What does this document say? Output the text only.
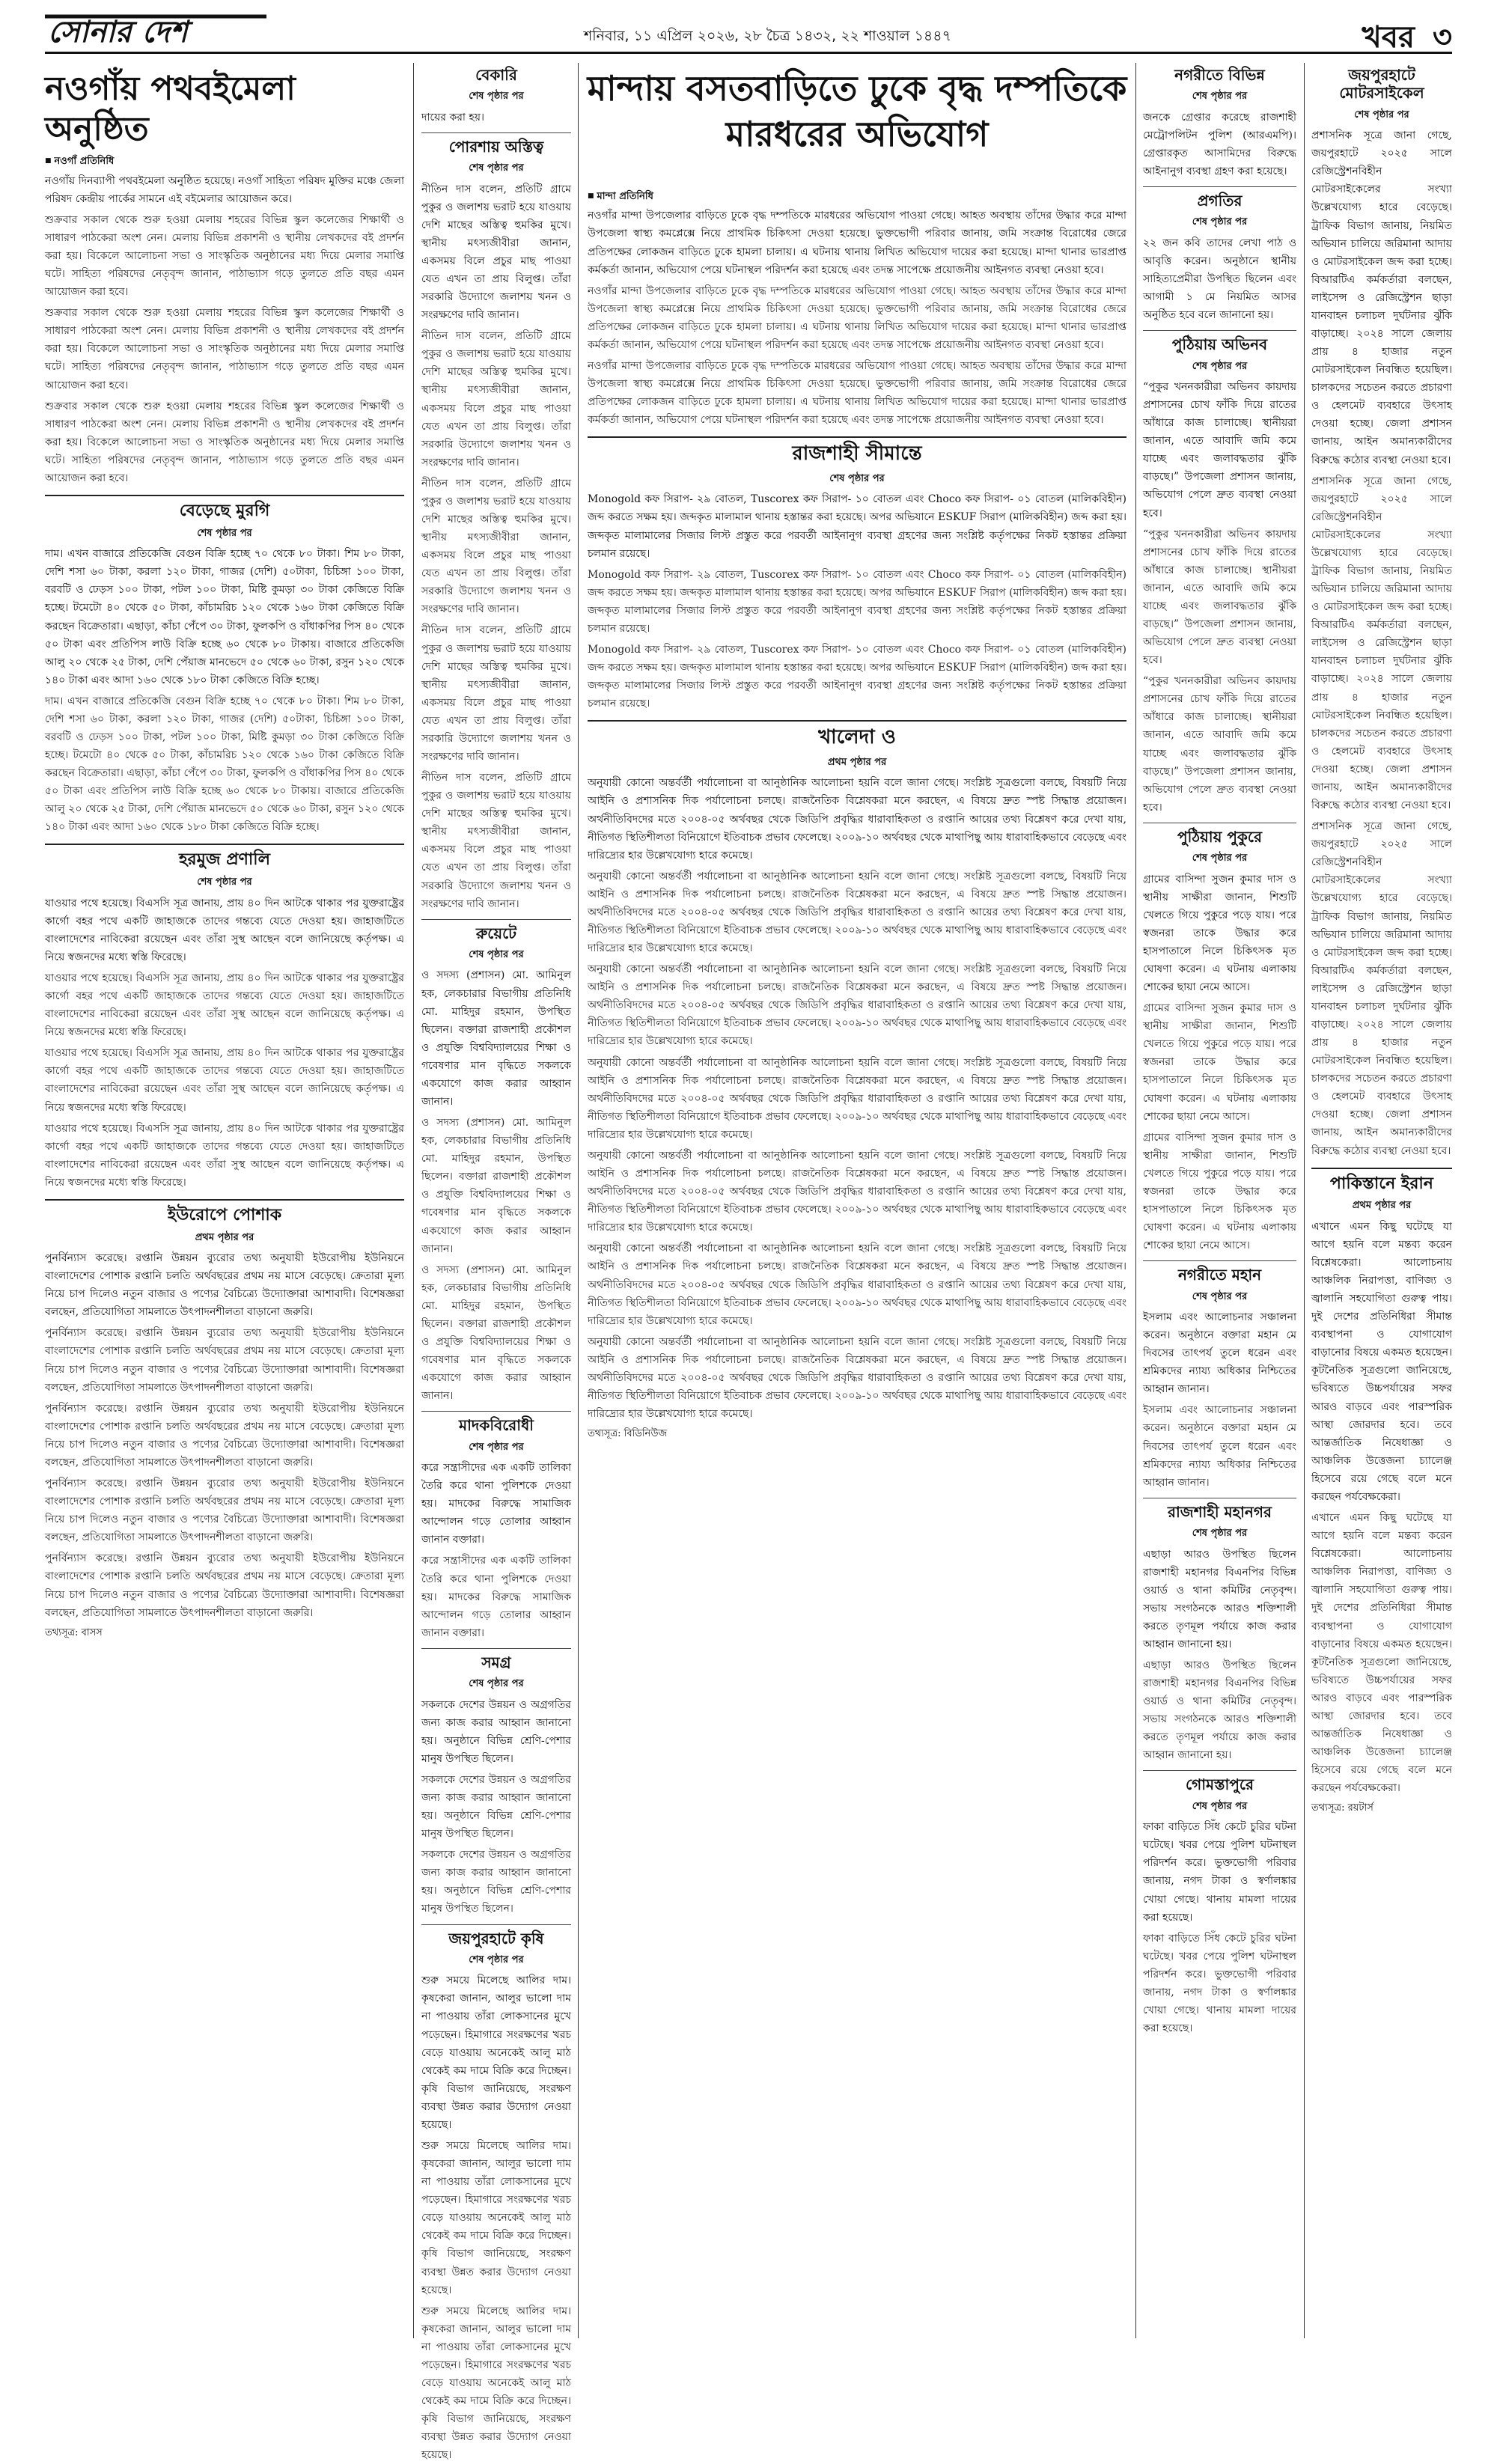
সোনার দেশ	শনিবার, ১১ এপ্রিল ২০২৬, ২৮ চৈত্র ১৪৩২, ২২ শাওয়াল ১৪৪৭	খবর ৩
নওগাঁয় পথবইমেলা অনুষ্ঠিত
■ নওগাঁ প্রতিনিধি

নওগাঁয় দিনব্যাপী পথবইমেলা অনুষ্ঠিত হয়েছে। নওগাঁ সাহিত্য পরিষদ মুক্তির মঞ্চে জেলা পরিষদ কেন্দ্রীয় পার্কের সামনে এই বইমেলার আয়োজন করে।

শুক্রবার সকাল থেকে শুরু হওয়া মেলায় শহরের বিভিন্ন স্কুল কলেজের শিক্ষার্থী ও সাধারণ পাঠকেরা অংশ নেন। মেলায় বিভিন্ন প্রকাশনী ও স্থানীয় লেখকদের বই প্রদর্শন করা হয়। বিকেলে আলোচনা সভা ও সাংস্কৃতিক অনুষ্ঠানের মধ্য দিয়ে মেলার সমাপ্তি ঘটে। সাহিত্য পরিষদের নেতৃবৃন্দ জানান, পাঠাভ্যাস গড়ে তুলতে প্রতি বছর এমন আয়োজন করা হবে।

শুক্রবার সকাল থেকে শুরু হওয়া মেলায় শহরের বিভিন্ন স্কুল কলেজের শিক্ষার্থী ও সাধারণ পাঠকেরা অংশ নেন। মেলায় বিভিন্ন প্রকাশনী ও স্থানীয় লেখকদের বই প্রদর্শন করা হয়। বিকেলে আলোচনা সভা ও সাংস্কৃতিক অনুষ্ঠানের মধ্য দিয়ে মেলার সমাপ্তি ঘটে। সাহিত্য পরিষদের নেতৃবৃন্দ জানান, পাঠাভ্যাস গড়ে তুলতে প্রতি বছর এমন আয়োজন করা হবে।

শুক্রবার সকাল থেকে শুরু হওয়া মেলায় শহরের বিভিন্ন স্কুল কলেজের শিক্ষার্থী ও সাধারণ পাঠকেরা অংশ নেন। মেলায় বিভিন্ন প্রকাশনী ও স্থানীয় লেখকদের বই প্রদর্শন করা হয়। বিকেলে আলোচনা সভা ও সাংস্কৃতিক অনুষ্ঠানের মধ্য দিয়ে মেলার সমাপ্তি ঘটে। সাহিত্য পরিষদের নেতৃবৃন্দ জানান, পাঠাভ্যাস গড়ে তুলতে প্রতি বছর এমন আয়োজন করা হবে।

বেড়েছে মুরগি
শেষ পৃষ্ঠার পর

দাম। এখন বাজারে প্রতিকেজি বেগুন বিক্রি হচ্ছে ৭০ থেকে ৮০ টাকা। শিম ৮০ টাকা, দেশি শসা ৬০ টাকা, করলা ১২০ টাকা, গাজর (দেশি) ৫০টাকা, চিচিঙ্গা ১০০ টাকা, বরবটি ও ঢেড়স ১০০ টাকা, পটল ১০০ টাকা, মিষ্টি কুমড়া ৩০ টাকা কেজিতে বিক্রি হচ্ছে। টমেটো ৪০ থেকে ৫০ টাকা, কাঁচামরিচ ১২০ থেকে ১৬০ টাকা কেজিতে বিক্রি করছেন বিক্রেতারা। এছাড়া, কাঁচা পেঁপে ৩০ টাকা, ফুলকপি ও বাঁধাকপির পিস ৪০ থেকে ৫০ টাকা এবং প্রতিপিস লাউ বিক্রি হচ্ছে ৬০ থেকে ৮০ টাকায়। বাজারে প্রতিকেজি আলু ২০ থেকে ২৫ টাকা, দেশি পেঁয়াজ মানভেদে ৫০ থেকে ৬০ টাকা, রসুন ১২০ থেকে ১৪০ টাকা এবং আদা ১৬০ থেকে ১৮০ টাকা কেজিতে বিক্রি হচ্ছে।

দাম। এখন বাজারে প্রতিকেজি বেগুন বিক্রি হচ্ছে ৭০ থেকে ৮০ টাকা। শিম ৮০ টাকা, দেশি শসা ৬০ টাকা, করলা ১২০ টাকা, গাজর (দেশি) ৫০টাকা, চিচিঙ্গা ১০০ টাকা, বরবটি ও ঢেড়স ১০০ টাকা, পটল ১০০ টাকা, মিষ্টি কুমড়া ৩০ টাকা কেজিতে বিক্রি হচ্ছে। টমেটো ৪০ থেকে ৫০ টাকা, কাঁচামরিচ ১২০ থেকে ১৬০ টাকা কেজিতে বিক্রি করছেন বিক্রেতারা। এছাড়া, কাঁচা পেঁপে ৩০ টাকা, ফুলকপি ও বাঁধাকপির পিস ৪০ থেকে ৫০ টাকা এবং প্রতিপিস লাউ বিক্রি হচ্ছে ৬০ থেকে ৮০ টাকায়। বাজারে প্রতিকেজি আলু ২০ থেকে ২৫ টাকা, দেশি পেঁয়াজ মানভেদে ৫০ থেকে ৬০ টাকা, রসুন ১২০ থেকে ১৪০ টাকা এবং আদা ১৬০ থেকে ১৮০ টাকা কেজিতে বিক্রি হচ্ছে।

হরমুজ প্রণালি
শেষ পৃষ্ঠার পর

যাওয়ার পথে হয়েছে। বিএসসি সূত্র জানায়, প্রায় ৪০ দিন আটকে থাকার পর যুক্তরাষ্ট্রের কার্গো বহর পথে একটি জাহাজকে তাদের গন্তব্যে যেতে দেওয়া হয়। জাহাজটিতে বাংলাদেশের নাবিকেরা রয়েছেন এবং তাঁরা সুস্থ আছেন বলে জানিয়েছে কর্তৃপক্ষ। এ নিয়ে স্বজনদের মধ্যে স্বস্তি ফিরেছে।

যাওয়ার পথে হয়েছে। বিএসসি সূত্র জানায়, প্রায় ৪০ দিন আটকে থাকার পর যুক্তরাষ্ট্রের কার্গো বহর পথে একটি জাহাজকে তাদের গন্তব্যে যেতে দেওয়া হয়। জাহাজটিতে বাংলাদেশের নাবিকেরা রয়েছেন এবং তাঁরা সুস্থ আছেন বলে জানিয়েছে কর্তৃপক্ষ। এ নিয়ে স্বজনদের মধ্যে স্বস্তি ফিরেছে।

যাওয়ার পথে হয়েছে। বিএসসি সূত্র জানায়, প্রায় ৪০ দিন আটকে থাকার পর যুক্তরাষ্ট্রের কার্গো বহর পথে একটি জাহাজকে তাদের গন্তব্যে যেতে দেওয়া হয়। জাহাজটিতে বাংলাদেশের নাবিকেরা রয়েছেন এবং তাঁরা সুস্থ আছেন বলে জানিয়েছে কর্তৃপক্ষ। এ নিয়ে স্বজনদের মধ্যে স্বস্তি ফিরেছে।

যাওয়ার পথে হয়েছে। বিএসসি সূত্র জানায়, প্রায় ৪০ দিন আটকে থাকার পর যুক্তরাষ্ট্রের কার্গো বহর পথে একটি জাহাজকে তাদের গন্তব্যে যেতে দেওয়া হয়। জাহাজটিতে বাংলাদেশের নাবিকেরা রয়েছেন এবং তাঁরা সুস্থ আছেন বলে জানিয়েছে কর্তৃপক্ষ। এ নিয়ে স্বজনদের মধ্যে স্বস্তি ফিরেছে।

ইউরোপে পোশাক
প্রথম পৃষ্ঠার পর

পুনর্বিন্যাস করেছে। রপ্তানি উন্নয়ন ব্যুরোর তথ্য অনুযায়ী ইউরোপীয় ইউনিয়নে বাংলাদেশের পোশাক রপ্তানি চলতি অর্থবছরের প্রথম নয় মাসে বেড়েছে। ক্রেতারা মূল্য নিয়ে চাপ দিলেও নতুন বাজার ও পণ্যের বৈচিত্র্যে উদ্যোক্তারা আশাবাদী। বিশেষজ্ঞরা বলছেন, প্রতিযোগিতা সামলাতে উৎপাদনশীলতা বাড়ানো জরুরি।

পুনর্বিন্যাস করেছে। রপ্তানি উন্নয়ন ব্যুরোর তথ্য অনুযায়ী ইউরোপীয় ইউনিয়নে বাংলাদেশের পোশাক রপ্তানি চলতি অর্থবছরের প্রথম নয় মাসে বেড়েছে। ক্রেতারা মূল্য নিয়ে চাপ দিলেও নতুন বাজার ও পণ্যের বৈচিত্র্যে উদ্যোক্তারা আশাবাদী। বিশেষজ্ঞরা বলছেন, প্রতিযোগিতা সামলাতে উৎপাদনশীলতা বাড়ানো জরুরি।

পুনর্বিন্যাস করেছে। রপ্তানি উন্নয়ন ব্যুরোর তথ্য অনুযায়ী ইউরোপীয় ইউনিয়নে বাংলাদেশের পোশাক রপ্তানি চলতি অর্থবছরের প্রথম নয় মাসে বেড়েছে। ক্রেতারা মূল্য নিয়ে চাপ দিলেও নতুন বাজার ও পণ্যের বৈচিত্র্যে উদ্যোক্তারা আশাবাদী। বিশেষজ্ঞরা বলছেন, প্রতিযোগিতা সামলাতে উৎপাদনশীলতা বাড়ানো জরুরি।

পুনর্বিন্যাস করেছে। রপ্তানি উন্নয়ন ব্যুরোর তথ্য অনুযায়ী ইউরোপীয় ইউনিয়নে বাংলাদেশের পোশাক রপ্তানি চলতি অর্থবছরের প্রথম নয় মাসে বেড়েছে। ক্রেতারা মূল্য নিয়ে চাপ দিলেও নতুন বাজার ও পণ্যের বৈচিত্র্যে উদ্যোক্তারা আশাবাদী। বিশেষজ্ঞরা বলছেন, প্রতিযোগিতা সামলাতে উৎপাদনশীলতা বাড়ানো জরুরি।

পুনর্বিন্যাস করেছে। রপ্তানি উন্নয়ন ব্যুরোর তথ্য অনুযায়ী ইউরোপীয় ইউনিয়নে বাংলাদেশের পোশাক রপ্তানি চলতি অর্থবছরের প্রথম নয় মাসে বেড়েছে। ক্রেতারা মূল্য নিয়ে চাপ দিলেও নতুন বাজার ও পণ্যের বৈচিত্র্যে উদ্যোক্তারা আশাবাদী। বিশেষজ্ঞরা বলছেন, প্রতিযোগিতা সামলাতে উৎপাদনশীলতা বাড়ানো জরুরি।

তথ্যসূত্র: বাসস
বেকারি
শেষ পৃষ্ঠার পর

দায়ের করা হয়।

পোরশায় অস্তিত্ব
শেষ পৃষ্ঠার পর

নীতিন দাস বলেন, প্রতিটি গ্রামে পুকুর ও জলাশয় ভরাট হয়ে যাওয়ায় দেশি মাছের অস্তিত্ব হুমকির মুখে। স্থানীয় মৎস্যজীবীরা জানান, একসময় বিলে প্রচুর মাছ পাওয়া যেত এখন তা প্রায় বিলুপ্ত। তাঁরা সরকারি উদ্যোগে জলাশয় খনন ও সংরক্ষণের দাবি জানান।

নীতিন দাস বলেন, প্রতিটি গ্রামে পুকুর ও জলাশয় ভরাট হয়ে যাওয়ায় দেশি মাছের অস্তিত্ব হুমকির মুখে। স্থানীয় মৎস্যজীবীরা জানান, একসময় বিলে প্রচুর মাছ পাওয়া যেত এখন তা প্রায় বিলুপ্ত। তাঁরা সরকারি উদ্যোগে জলাশয় খনন ও সংরক্ষণের দাবি জানান।

নীতিন দাস বলেন, প্রতিটি গ্রামে পুকুর ও জলাশয় ভরাট হয়ে যাওয়ায় দেশি মাছের অস্তিত্ব হুমকির মুখে। স্থানীয় মৎস্যজীবীরা জানান, একসময় বিলে প্রচুর মাছ পাওয়া যেত এখন তা প্রায় বিলুপ্ত। তাঁরা সরকারি উদ্যোগে জলাশয় খনন ও সংরক্ষণের দাবি জানান।

নীতিন দাস বলেন, প্রতিটি গ্রামে পুকুর ও জলাশয় ভরাট হয়ে যাওয়ায় দেশি মাছের অস্তিত্ব হুমকির মুখে। স্থানীয় মৎস্যজীবীরা জানান, একসময় বিলে প্রচুর মাছ পাওয়া যেত এখন তা প্রায় বিলুপ্ত। তাঁরা সরকারি উদ্যোগে জলাশয় খনন ও সংরক্ষণের দাবি জানান।

নীতিন দাস বলেন, প্রতিটি গ্রামে পুকুর ও জলাশয় ভরাট হয়ে যাওয়ায় দেশি মাছের অস্তিত্ব হুমকির মুখে। স্থানীয় মৎস্যজীবীরা জানান, একসময় বিলে প্রচুর মাছ পাওয়া যেত এখন তা প্রায় বিলুপ্ত। তাঁরা সরকারি উদ্যোগে জলাশয় খনন ও সংরক্ষণের দাবি জানান।

রুয়েটে
শেষ পৃষ্ঠার পর

ও সদস্য (প্রশাসন) মো. আমিনুল হক, লেকচারার বিভাগীয় প্রতিনিধি মো. মাহিদুর রহমান, উপস্থিত ছিলেন। বক্তারা রাজশাহী প্রকৌশল ও প্রযুক্তি বিশ্ববিদ্যালয়ের শিক্ষা ও গবেষণার মান বৃদ্ধিতে সকলকে একযোগে কাজ করার আহ্বান জানান।

ও সদস্য (প্রশাসন) মো. আমিনুল হক, লেকচারার বিভাগীয় প্রতিনিধি মো. মাহিদুর রহমান, উপস্থিত ছিলেন। বক্তারা রাজশাহী প্রকৌশল ও প্রযুক্তি বিশ্ববিদ্যালয়ের শিক্ষা ও গবেষণার মান বৃদ্ধিতে সকলকে একযোগে কাজ করার আহ্বান জানান।

ও সদস্য (প্রশাসন) মো. আমিনুল হক, লেকচারার বিভাগীয় প্রতিনিধি মো. মাহিদুর রহমান, উপস্থিত ছিলেন। বক্তারা রাজশাহী প্রকৌশল ও প্রযুক্তি বিশ্ববিদ্যালয়ের শিক্ষা ও গবেষণার মান বৃদ্ধিতে সকলকে একযোগে কাজ করার আহ্বান জানান।

মাদকবিরোধী
শেষ পৃষ্ঠার পর

করে সন্ত্রাসীদের এক একটি তালিকা তৈরি করে থানা পুলিশকে দেওয়া হয়। মাদকের বিরুদ্ধে সামাজিক আন্দোলন গড়ে তোলার আহ্বান জানান বক্তারা।

করে সন্ত্রাসীদের এক একটি তালিকা তৈরি করে থানা পুলিশকে দেওয়া হয়। মাদকের বিরুদ্ধে সামাজিক আন্দোলন গড়ে তোলার আহ্বান জানান বক্তারা।

সমগ্র
শেষ পৃষ্ঠার পর

সকলকে দেশের উন্নয়ন ও অগ্রগতির জন্য কাজ করার আহ্বান জানানো হয়। অনুষ্ঠানে বিভিন্ন শ্রেণি-পেশার মানুষ উপস্থিত ছিলেন।

সকলকে দেশের উন্নয়ন ও অগ্রগতির জন্য কাজ করার আহ্বান জানানো হয়। অনুষ্ঠানে বিভিন্ন শ্রেণি-পেশার মানুষ উপস্থিত ছিলেন।

সকলকে দেশের উন্নয়ন ও অগ্রগতির জন্য কাজ করার আহ্বান জানানো হয়। অনুষ্ঠানে বিভিন্ন শ্রেণি-পেশার মানুষ উপস্থিত ছিলেন।

জয়পুরহাটে কৃষি
শেষ পৃষ্ঠার পর

শুরু সময়ে মিলেছে আলির দাম। কৃষকেরা জানান, আলুর ভালো দাম না পাওয়ায় তাঁরা লোকসানের মুখে পড়েছেন। হিমাগারে সংরক্ষণের খরচ বেড়ে যাওয়ায় অনেকেই আলু মাঠ থেকেই কম দামে বিক্রি করে দিচ্ছেন। কৃষি বিভাগ জানিয়েছে, সংরক্ষণ ব্যবস্থা উন্নত করার উদ্যোগ নেওয়া হয়েছে।

শুরু সময়ে মিলেছে আলির দাম। কৃষকেরা জানান, আলুর ভালো দাম না পাওয়ায় তাঁরা লোকসানের মুখে পড়েছেন। হিমাগারে সংরক্ষণের খরচ বেড়ে যাওয়ায় অনেকেই আলু মাঠ থেকেই কম দামে বিক্রি করে দিচ্ছেন। কৃষি বিভাগ জানিয়েছে, সংরক্ষণ ব্যবস্থা উন্নত করার উদ্যোগ নেওয়া হয়েছে।

শুরু সময়ে মিলেছে আলির দাম। কৃষকেরা জানান, আলুর ভালো দাম না পাওয়ায় তাঁরা লোকসানের মুখে পড়েছেন। হিমাগারে সংরক্ষণের খরচ বেড়ে যাওয়ায় অনেকেই আলু মাঠ থেকেই কম দামে বিক্রি করে দিচ্ছেন। কৃষি বিভাগ জানিয়েছে, সংরক্ষণ ব্যবস্থা উন্নত করার উদ্যোগ নেওয়া হয়েছে।

মান্দায় বসতবাড়িতে ঢুকে বৃদ্ধ দম্পতিকে মারধরের অভিযোগ
■ মান্দা প্রতিনিধি

নওগাঁর মান্দা উপজেলার বাড়িতে ঢুকে বৃদ্ধ দম্পতিকে মারধরের অভিযোগ পাওয়া গেছে। আহত অবস্থায় তাঁদের উদ্ধার করে মান্দা উপজেলা স্বাস্থ্য কমপ্লেক্সে নিয়ে প্রাথমিক চিকিৎসা দেওয়া হয়েছে। ভুক্তভোগী পরিবার জানায়, জমি সংক্রান্ত বিরোধের জেরে প্রতিপক্ষের লোকজন বাড়িতে ঢুকে হামলা চালায়। এ ঘটনায় থানায় লিখিত অভিযোগ দায়ের করা হয়েছে। মান্দা থানার ভারপ্রাপ্ত কর্মকর্তা জানান, অভিযোগ পেয়ে ঘটনাস্থল পরিদর্শন করা হয়েছে এবং তদন্ত সাপেক্ষে প্রয়োজনীয় আইনগত ব্যবস্থা নেওয়া হবে।

নওগাঁর মান্দা উপজেলার বাড়িতে ঢুকে বৃদ্ধ দম্পতিকে মারধরের অভিযোগ পাওয়া গেছে। আহত অবস্থায় তাঁদের উদ্ধার করে মান্দা উপজেলা স্বাস্থ্য কমপ্লেক্সে নিয়ে প্রাথমিক চিকিৎসা দেওয়া হয়েছে। ভুক্তভোগী পরিবার জানায়, জমি সংক্রান্ত বিরোধের জেরে প্রতিপক্ষের লোকজন বাড়িতে ঢুকে হামলা চালায়। এ ঘটনায় থানায় লিখিত অভিযোগ দায়ের করা হয়েছে। মান্দা থানার ভারপ্রাপ্ত কর্মকর্তা জানান, অভিযোগ পেয়ে ঘটনাস্থল পরিদর্শন করা হয়েছে এবং তদন্ত সাপেক্ষে প্রয়োজনীয় আইনগত ব্যবস্থা নেওয়া হবে।

নওগাঁর মান্দা উপজেলার বাড়িতে ঢুকে বৃদ্ধ দম্পতিকে মারধরের অভিযোগ পাওয়া গেছে। আহত অবস্থায় তাঁদের উদ্ধার করে মান্দা উপজেলা স্বাস্থ্য কমপ্লেক্সে নিয়ে প্রাথমিক চিকিৎসা দেওয়া হয়েছে। ভুক্তভোগী পরিবার জানায়, জমি সংক্রান্ত বিরোধের জেরে প্রতিপক্ষের লোকজন বাড়িতে ঢুকে হামলা চালায়। এ ঘটনায় থানায় লিখিত অভিযোগ দায়ের করা হয়েছে। মান্দা থানার ভারপ্রাপ্ত কর্মকর্তা জানান, অভিযোগ পেয়ে ঘটনাস্থল পরিদর্শন করা হয়েছে এবং তদন্ত সাপেক্ষে প্রয়োজনীয় আইনগত ব্যবস্থা নেওয়া হবে।

রাজশাহী সীমান্তে
শেষ পৃষ্ঠার পর

Monogold কফ সিরাপ- ২৯ বোতল, Tuscorex কফ সিরাপ- ১০ বোতল এবং Choco কফ সিরাপ- ০১ বোতল (মালিকবিহীন) জব্দ করতে সক্ষম হয়। জব্দকৃত মালামাল থানায় হস্তান্তর করা হয়েছে। অপর অভিযানে ESKUF সিরাপ (মালিকবিহীন) জব্দ করা হয়। জব্দকৃত মালামালের সিজার লিস্ট প্রস্তুত করে পরবর্তী আইনানুগ ব্যবস্থা গ্রহণের জন্য সংশ্লিষ্ট কর্তৃপক্ষের নিকট হস্তান্তর প্রক্রিয়া চলমান রয়েছে।

Monogold কফ সিরাপ- ২৯ বোতল, Tuscorex কফ সিরাপ- ১০ বোতল এবং Choco কফ সিরাপ- ০১ বোতল (মালিকবিহীন) জব্দ করতে সক্ষম হয়। জব্দকৃত মালামাল থানায় হস্তান্তর করা হয়েছে। অপর অভিযানে ESKUF সিরাপ (মালিকবিহীন) জব্দ করা হয়। জব্দকৃত মালামালের সিজার লিস্ট প্রস্তুত করে পরবর্তী আইনানুগ ব্যবস্থা গ্রহণের জন্য সংশ্লিষ্ট কর্তৃপক্ষের নিকট হস্তান্তর প্রক্রিয়া চলমান রয়েছে।

Monogold কফ সিরাপ- ২৯ বোতল, Tuscorex কফ সিরাপ- ১০ বোতল এবং Choco কফ সিরাপ- ০১ বোতল (মালিকবিহীন) জব্দ করতে সক্ষম হয়। জব্দকৃত মালামাল থানায় হস্তান্তর করা হয়েছে। অপর অভিযানে ESKUF সিরাপ (মালিকবিহীন) জব্দ করা হয়। জব্দকৃত মালামালের সিজার লিস্ট প্রস্তুত করে পরবর্তী আইনানুগ ব্যবস্থা গ্রহণের জন্য সংশ্লিষ্ট কর্তৃপক্ষের নিকট হস্তান্তর প্রক্রিয়া চলমান রয়েছে।

খালেদা ও
প্রথম পৃষ্ঠার পর

অনুযায়ী কোনো অন্তর্বর্তী পর্যালোচনা বা আনুষ্ঠানিক আলোচনা হয়নি বলে জানা গেছে। সংশ্লিষ্ট সূত্রগুলো বলছে, বিষয়টি নিয়ে আইনি ও প্রশাসনিক দিক পর্যালোচনা চলছে। রাজনৈতিক বিশ্লেষকরা মনে করছেন, এ বিষয়ে দ্রুত স্পষ্ট সিদ্ধান্ত প্রয়োজন। অর্থনীতিবিদদের মতে ২০০৪-০৫ অর্থবছর থেকে জিডিপি প্রবৃদ্ধির ধারাবাহিকতা ও রপ্তানি আয়ের তথ্য বিশ্লেষণ করে দেখা যায়, নীতিগত স্থিতিশীলতা বিনিয়োগে ইতিবাচক প্রভাব ফেলেছে। ২০০৯-১০ অর্থবছর থেকে মাথাপিছু আয় ধারাবাহিকভাবে বেড়েছে এবং দারিদ্র্যের হার উল্লেখযোগ্য হারে কমেছে।

অনুযায়ী কোনো অন্তর্বর্তী পর্যালোচনা বা আনুষ্ঠানিক আলোচনা হয়নি বলে জানা গেছে। সংশ্লিষ্ট সূত্রগুলো বলছে, বিষয়টি নিয়ে আইনি ও প্রশাসনিক দিক পর্যালোচনা চলছে। রাজনৈতিক বিশ্লেষকরা মনে করছেন, এ বিষয়ে দ্রুত স্পষ্ট সিদ্ধান্ত প্রয়োজন। অর্থনীতিবিদদের মতে ২০০৪-০৫ অর্থবছর থেকে জিডিপি প্রবৃদ্ধির ধারাবাহিকতা ও রপ্তানি আয়ের তথ্য বিশ্লেষণ করে দেখা যায়, নীতিগত স্থিতিশীলতা বিনিয়োগে ইতিবাচক প্রভাব ফেলেছে। ২০০৯-১০ অর্থবছর থেকে মাথাপিছু আয় ধারাবাহিকভাবে বেড়েছে এবং দারিদ্র্যের হার উল্লেখযোগ্য হারে কমেছে।

অনুযায়ী কোনো অন্তর্বর্তী পর্যালোচনা বা আনুষ্ঠানিক আলোচনা হয়নি বলে জানা গেছে। সংশ্লিষ্ট সূত্রগুলো বলছে, বিষয়টি নিয়ে আইনি ও প্রশাসনিক দিক পর্যালোচনা চলছে। রাজনৈতিক বিশ্লেষকরা মনে করছেন, এ বিষয়ে দ্রুত স্পষ্ট সিদ্ধান্ত প্রয়োজন। অর্থনীতিবিদদের মতে ২০০৪-০৫ অর্থবছর থেকে জিডিপি প্রবৃদ্ধির ধারাবাহিকতা ও রপ্তানি আয়ের তথ্য বিশ্লেষণ করে দেখা যায়, নীতিগত স্থিতিশীলতা বিনিয়োগে ইতিবাচক প্রভাব ফেলেছে। ২০০৯-১০ অর্থবছর থেকে মাথাপিছু আয় ধারাবাহিকভাবে বেড়েছে এবং দারিদ্র্যের হার উল্লেখযোগ্য হারে কমেছে।

অনুযায়ী কোনো অন্তর্বর্তী পর্যালোচনা বা আনুষ্ঠানিক আলোচনা হয়নি বলে জানা গেছে। সংশ্লিষ্ট সূত্রগুলো বলছে, বিষয়টি নিয়ে আইনি ও প্রশাসনিক দিক পর্যালোচনা চলছে। রাজনৈতিক বিশ্লেষকরা মনে করছেন, এ বিষয়ে দ্রুত স্পষ্ট সিদ্ধান্ত প্রয়োজন। অর্থনীতিবিদদের মতে ২০০৪-০৫ অর্থবছর থেকে জিডিপি প্রবৃদ্ধির ধারাবাহিকতা ও রপ্তানি আয়ের তথ্য বিশ্লেষণ করে দেখা যায়, নীতিগত স্থিতিশীলতা বিনিয়োগে ইতিবাচক প্রভাব ফেলেছে। ২০০৯-১০ অর্থবছর থেকে মাথাপিছু আয় ধারাবাহিকভাবে বেড়েছে এবং দারিদ্র্যের হার উল্লেখযোগ্য হারে কমেছে।

অনুযায়ী কোনো অন্তর্বর্তী পর্যালোচনা বা আনুষ্ঠানিক আলোচনা হয়নি বলে জানা গেছে। সংশ্লিষ্ট সূত্রগুলো বলছে, বিষয়টি নিয়ে আইনি ও প্রশাসনিক দিক পর্যালোচনা চলছে। রাজনৈতিক বিশ্লেষকরা মনে করছেন, এ বিষয়ে দ্রুত স্পষ্ট সিদ্ধান্ত প্রয়োজন। অর্থনীতিবিদদের মতে ২০০৪-০৫ অর্থবছর থেকে জিডিপি প্রবৃদ্ধির ধারাবাহিকতা ও রপ্তানি আয়ের তথ্য বিশ্লেষণ করে দেখা যায়, নীতিগত স্থিতিশীলতা বিনিয়োগে ইতিবাচক প্রভাব ফেলেছে। ২০০৯-১০ অর্থবছর থেকে মাথাপিছু আয় ধারাবাহিকভাবে বেড়েছে এবং দারিদ্র্যের হার উল্লেখযোগ্য হারে কমেছে।

অনুযায়ী কোনো অন্তর্বর্তী পর্যালোচনা বা আনুষ্ঠানিক আলোচনা হয়নি বলে জানা গেছে। সংশ্লিষ্ট সূত্রগুলো বলছে, বিষয়টি নিয়ে আইনি ও প্রশাসনিক দিক পর্যালোচনা চলছে। রাজনৈতিক বিশ্লেষকরা মনে করছেন, এ বিষয়ে দ্রুত স্পষ্ট সিদ্ধান্ত প্রয়োজন। অর্থনীতিবিদদের মতে ২০০৪-০৫ অর্থবছর থেকে জিডিপি প্রবৃদ্ধির ধারাবাহিকতা ও রপ্তানি আয়ের তথ্য বিশ্লেষণ করে দেখা যায়, নীতিগত স্থিতিশীলতা বিনিয়োগে ইতিবাচক প্রভাব ফেলেছে। ২০০৯-১০ অর্থবছর থেকে মাথাপিছু আয় ধারাবাহিকভাবে বেড়েছে এবং দারিদ্র্যের হার উল্লেখযোগ্য হারে কমেছে।

অনুযায়ী কোনো অন্তর্বর্তী পর্যালোচনা বা আনুষ্ঠানিক আলোচনা হয়নি বলে জানা গেছে। সংশ্লিষ্ট সূত্রগুলো বলছে, বিষয়টি নিয়ে আইনি ও প্রশাসনিক দিক পর্যালোচনা চলছে। রাজনৈতিক বিশ্লেষকরা মনে করছেন, এ বিষয়ে দ্রুত স্পষ্ট সিদ্ধান্ত প্রয়োজন। অর্থনীতিবিদদের মতে ২০০৪-০৫ অর্থবছর থেকে জিডিপি প্রবৃদ্ধির ধারাবাহিকতা ও রপ্তানি আয়ের তথ্য বিশ্লেষণ করে দেখা যায়, নীতিগত স্থিতিশীলতা বিনিয়োগে ইতিবাচক প্রভাব ফেলেছে। ২০০৯-১০ অর্থবছর থেকে মাথাপিছু আয় ধারাবাহিকভাবে বেড়েছে এবং দারিদ্র্যের হার উল্লেখযোগ্য হারে কমেছে।

তথ্যসূত্র: বিডিনিউজ
নগরীতে বিভিন্ন
শেষ পৃষ্ঠার পর

জনকে গ্রেপ্তার করেছে রাজশাহী মেট্রোপলিটন পুলিশ (আরএমপি)। গ্রেপ্তারকৃত আসামিদের বিরুদ্ধে আইনানুগ ব্যবস্থা গ্রহণ করা হয়েছে।

প্রগতির
শেষ পৃষ্ঠার পর

২২ জন কবি তাদের লেখা পাঠ ও আবৃত্তি করেন। অনুষ্ঠানে স্থানীয় সাহিত্যপ্রেমীরা উপস্থিত ছিলেন এবং আগামী ১ মে নিয়মিত আসর অনুষ্ঠিত হবে বলে জানানো হয়।

পুঠিয়ায় অভিনব
শেষ পৃষ্ঠার পর

“পুকুর খননকারীরা অভিনব কায়দায় প্রশাসনের চোখ ফাঁকি দিয়ে রাতের আঁধারে কাজ চালাচ্ছে। স্থানীয়রা জানান, এতে আবাদি জমি কমে যাচ্ছে এবং জলাবদ্ধতার ঝুঁকি বাড়ছে।” উপজেলা প্রশাসন জানায়, অভিযোগ পেলে দ্রুত ব্যবস্থা নেওয়া হবে।

“পুকুর খননকারীরা অভিনব কায়দায় প্রশাসনের চোখ ফাঁকি দিয়ে রাতের আঁধারে কাজ চালাচ্ছে। স্থানীয়রা জানান, এতে আবাদি জমি কমে যাচ্ছে এবং জলাবদ্ধতার ঝুঁকি বাড়ছে।” উপজেলা প্রশাসন জানায়, অভিযোগ পেলে দ্রুত ব্যবস্থা নেওয়া হবে।

“পুকুর খননকারীরা অভিনব কায়দায় প্রশাসনের চোখ ফাঁকি দিয়ে রাতের আঁধারে কাজ চালাচ্ছে। স্থানীয়রা জানান, এতে আবাদি জমি কমে যাচ্ছে এবং জলাবদ্ধতার ঝুঁকি বাড়ছে।” উপজেলা প্রশাসন জানায়, অভিযোগ পেলে দ্রুত ব্যবস্থা নেওয়া হবে।

পুঠিয়ায় পুকুরে
শেষ পৃষ্ঠার পর

গ্রামের বাসিন্দা সুজন কুমার দাস ও স্থানীয় সাক্ষীরা জানান, শিশুটি খেলতে গিয়ে পুকুরে পড়ে যায়। পরে স্বজনরা তাকে উদ্ধার করে হাসপাতালে নিলে চিকিৎসক মৃত ঘোষণা করেন। এ ঘটনায় এলাকায় শোকের ছায়া নেমে আসে।

গ্রামের বাসিন্দা সুজন কুমার দাস ও স্থানীয় সাক্ষীরা জানান, শিশুটি খেলতে গিয়ে পুকুরে পড়ে যায়। পরে স্বজনরা তাকে উদ্ধার করে হাসপাতালে নিলে চিকিৎসক মৃত ঘোষণা করেন। এ ঘটনায় এলাকায় শোকের ছায়া নেমে আসে।

গ্রামের বাসিন্দা সুজন কুমার দাস ও স্থানীয় সাক্ষীরা জানান, শিশুটি খেলতে গিয়ে পুকুরে পড়ে যায়। পরে স্বজনরা তাকে উদ্ধার করে হাসপাতালে নিলে চিকিৎসক মৃত ঘোষণা করেন। এ ঘটনায় এলাকায় শোকের ছায়া নেমে আসে।

নগরীতে মহান
শেষ পৃষ্ঠার পর

ইসলাম এবং আলোচনার সঞ্চালনা করেন। অনুষ্ঠানে বক্তারা মহান মে দিবসের তাৎপর্য তুলে ধরেন এবং শ্রমিকদের ন্যায্য অধিকার নিশ্চিতের আহ্বান জানান।

ইসলাম এবং আলোচনার সঞ্চালনা করেন। অনুষ্ঠানে বক্তারা মহান মে দিবসের তাৎপর্য তুলে ধরেন এবং শ্রমিকদের ন্যায্য অধিকার নিশ্চিতের আহ্বান জানান।

রাজশাহী মহানগর
শেষ পৃষ্ঠার পর

এছাড়া আরও উপস্থিত ছিলেন রাজশাহী মহানগর বিএনপির বিভিন্ন ওয়ার্ড ও থানা কমিটির নেতৃবৃন্দ। সভায় সংগঠনকে আরও শক্তিশালী করতে তৃণমূল পর্যায়ে কাজ করার আহ্বান জানানো হয়।

এছাড়া আরও উপস্থিত ছিলেন রাজশাহী মহানগর বিএনপির বিভিন্ন ওয়ার্ড ও থানা কমিটির নেতৃবৃন্দ। সভায় সংগঠনকে আরও শক্তিশালী করতে তৃণমূল পর্যায়ে কাজ করার আহ্বান জানানো হয়।

গোমস্তাপুরে
শেষ পৃষ্ঠার পর

ফাকা বাড়িতে সিঁধ কেটে চুরির ঘটনা ঘটেছে। খবর পেয়ে পুলিশ ঘটনাস্থল পরিদর্শন করে। ভুক্তভোগী পরিবার জানায়, নগদ টাকা ও স্বর্ণালঙ্কার খোয়া গেছে। থানায় মামলা দায়ের করা হয়েছে।

ফাকা বাড়িতে সিঁধ কেটে চুরির ঘটনা ঘটেছে। খবর পেয়ে পুলিশ ঘটনাস্থল পরিদর্শন করে। ভুক্তভোগী পরিবার জানায়, নগদ টাকা ও স্বর্ণালঙ্কার খোয়া গেছে। থানায় মামলা দায়ের করা হয়েছে।

জয়পুরহাটে মোটরসাইকেল
শেষ পৃষ্ঠার পর

প্রশাসনিক সূত্রে জানা গেছে, জয়পুরহাটে ২০২৫ সালে রেজিস্ট্রেশনবিহীন মোটরসাইকেলের সংখ্যা উল্লেখযোগ্য হারে বেড়েছে। ট্রাফিক বিভাগ জানায়, নিয়মিত অভিযান চালিয়ে জরিমানা আদায় ও মোটরসাইকেল জব্দ করা হচ্ছে। বিআরটিএ কর্মকর্তারা বলছেন, লাইসেন্স ও রেজিস্ট্রেশন ছাড়া যানবাহন চলাচল দুর্ঘটনার ঝুঁকি বাড়াচ্ছে। ২০২৪ সালে জেলায় প্রায় ৪ হাজার নতুন মোটরসাইকেল নিবন্ধিত হয়েছিল। চালকদের সচেতন করতে প্রচারণা ও হেলমেট ব্যবহারে উৎসাহ দেওয়া হচ্ছে। জেলা প্রশাসন জানায়, আইন অমান্যকারীদের বিরুদ্ধে কঠোর ব্যবস্থা নেওয়া হবে।

প্রশাসনিক সূত্রে জানা গেছে, জয়পুরহাটে ২০২৫ সালে রেজিস্ট্রেশনবিহীন মোটরসাইকেলের সংখ্যা উল্লেখযোগ্য হারে বেড়েছে। ট্রাফিক বিভাগ জানায়, নিয়মিত অভিযান চালিয়ে জরিমানা আদায় ও মোটরসাইকেল জব্দ করা হচ্ছে। বিআরটিএ কর্মকর্তারা বলছেন, লাইসেন্স ও রেজিস্ট্রেশন ছাড়া যানবাহন চলাচল দুর্ঘটনার ঝুঁকি বাড়াচ্ছে। ২০২৪ সালে জেলায় প্রায় ৪ হাজার নতুন মোটরসাইকেল নিবন্ধিত হয়েছিল। চালকদের সচেতন করতে প্রচারণা ও হেলমেট ব্যবহারে উৎসাহ দেওয়া হচ্ছে। জেলা প্রশাসন জানায়, আইন অমান্যকারীদের বিরুদ্ধে কঠোর ব্যবস্থা নেওয়া হবে।

প্রশাসনিক সূত্রে জানা গেছে, জয়পুরহাটে ২০২৫ সালে রেজিস্ট্রেশনবিহীন মোটরসাইকেলের সংখ্যা উল্লেখযোগ্য হারে বেড়েছে। ট্রাফিক বিভাগ জানায়, নিয়মিত অভিযান চালিয়ে জরিমানা আদায় ও মোটরসাইকেল জব্দ করা হচ্ছে। বিআরটিএ কর্মকর্তারা বলছেন, লাইসেন্স ও রেজিস্ট্রেশন ছাড়া যানবাহন চলাচল দুর্ঘটনার ঝুঁকি বাড়াচ্ছে। ২০২৪ সালে জেলায় প্রায় ৪ হাজার নতুন মোটরসাইকেল নিবন্ধিত হয়েছিল। চালকদের সচেতন করতে প্রচারণা ও হেলমেট ব্যবহারে উৎসাহ দেওয়া হচ্ছে। জেলা প্রশাসন জানায়, আইন অমান্যকারীদের বিরুদ্ধে কঠোর ব্যবস্থা নেওয়া হবে।

পাকিস্তানে ইরান
প্রথম পৃষ্ঠার পর

এখানে এমন কিছু ঘটেছে যা আগে হয়নি বলে মন্তব্য করেন বিশ্লেষকেরা। আলোচনায় আঞ্চলিক নিরাপত্তা, বাণিজ্য ও জ্বালানি সহযোগিতা গুরুত্ব পায়। দুই দেশের প্রতিনিধিরা সীমান্ত ব্যবস্থাপনা ও যোগাযোগ বাড়ানোর বিষয়ে একমত হয়েছেন। কূটনৈতিক সূত্রগুলো জানিয়েছে, ভবিষ্যতে উচ্চপর্যায়ের সফর আরও বাড়বে এবং পারস্পরিক আস্থা জোরদার হবে। তবে আন্তর্জাতিক নিষেধাজ্ঞা ও আঞ্চলিক উত্তেজনা চ্যালেঞ্জ হিসেবে রয়ে গেছে বলে মনে করছেন পর্যবেক্ষকেরা।

এখানে এমন কিছু ঘটেছে যা আগে হয়নি বলে মন্তব্য করেন বিশ্লেষকেরা। আলোচনায় আঞ্চলিক নিরাপত্তা, বাণিজ্য ও জ্বালানি সহযোগিতা গুরুত্ব পায়। দুই দেশের প্রতিনিধিরা সীমান্ত ব্যবস্থাপনা ও যোগাযোগ বাড়ানোর বিষয়ে একমত হয়েছেন। কূটনৈতিক সূত্রগুলো জানিয়েছে, ভবিষ্যতে উচ্চপর্যায়ের সফর আরও বাড়বে এবং পারস্পরিক আস্থা জোরদার হবে। তবে আন্তর্জাতিক নিষেধাজ্ঞা ও আঞ্চলিক উত্তেজনা চ্যালেঞ্জ হিসেবে রয়ে গেছে বলে মনে করছেন পর্যবেক্ষকেরা।

তথ্যসূত্র: রয়টার্স
